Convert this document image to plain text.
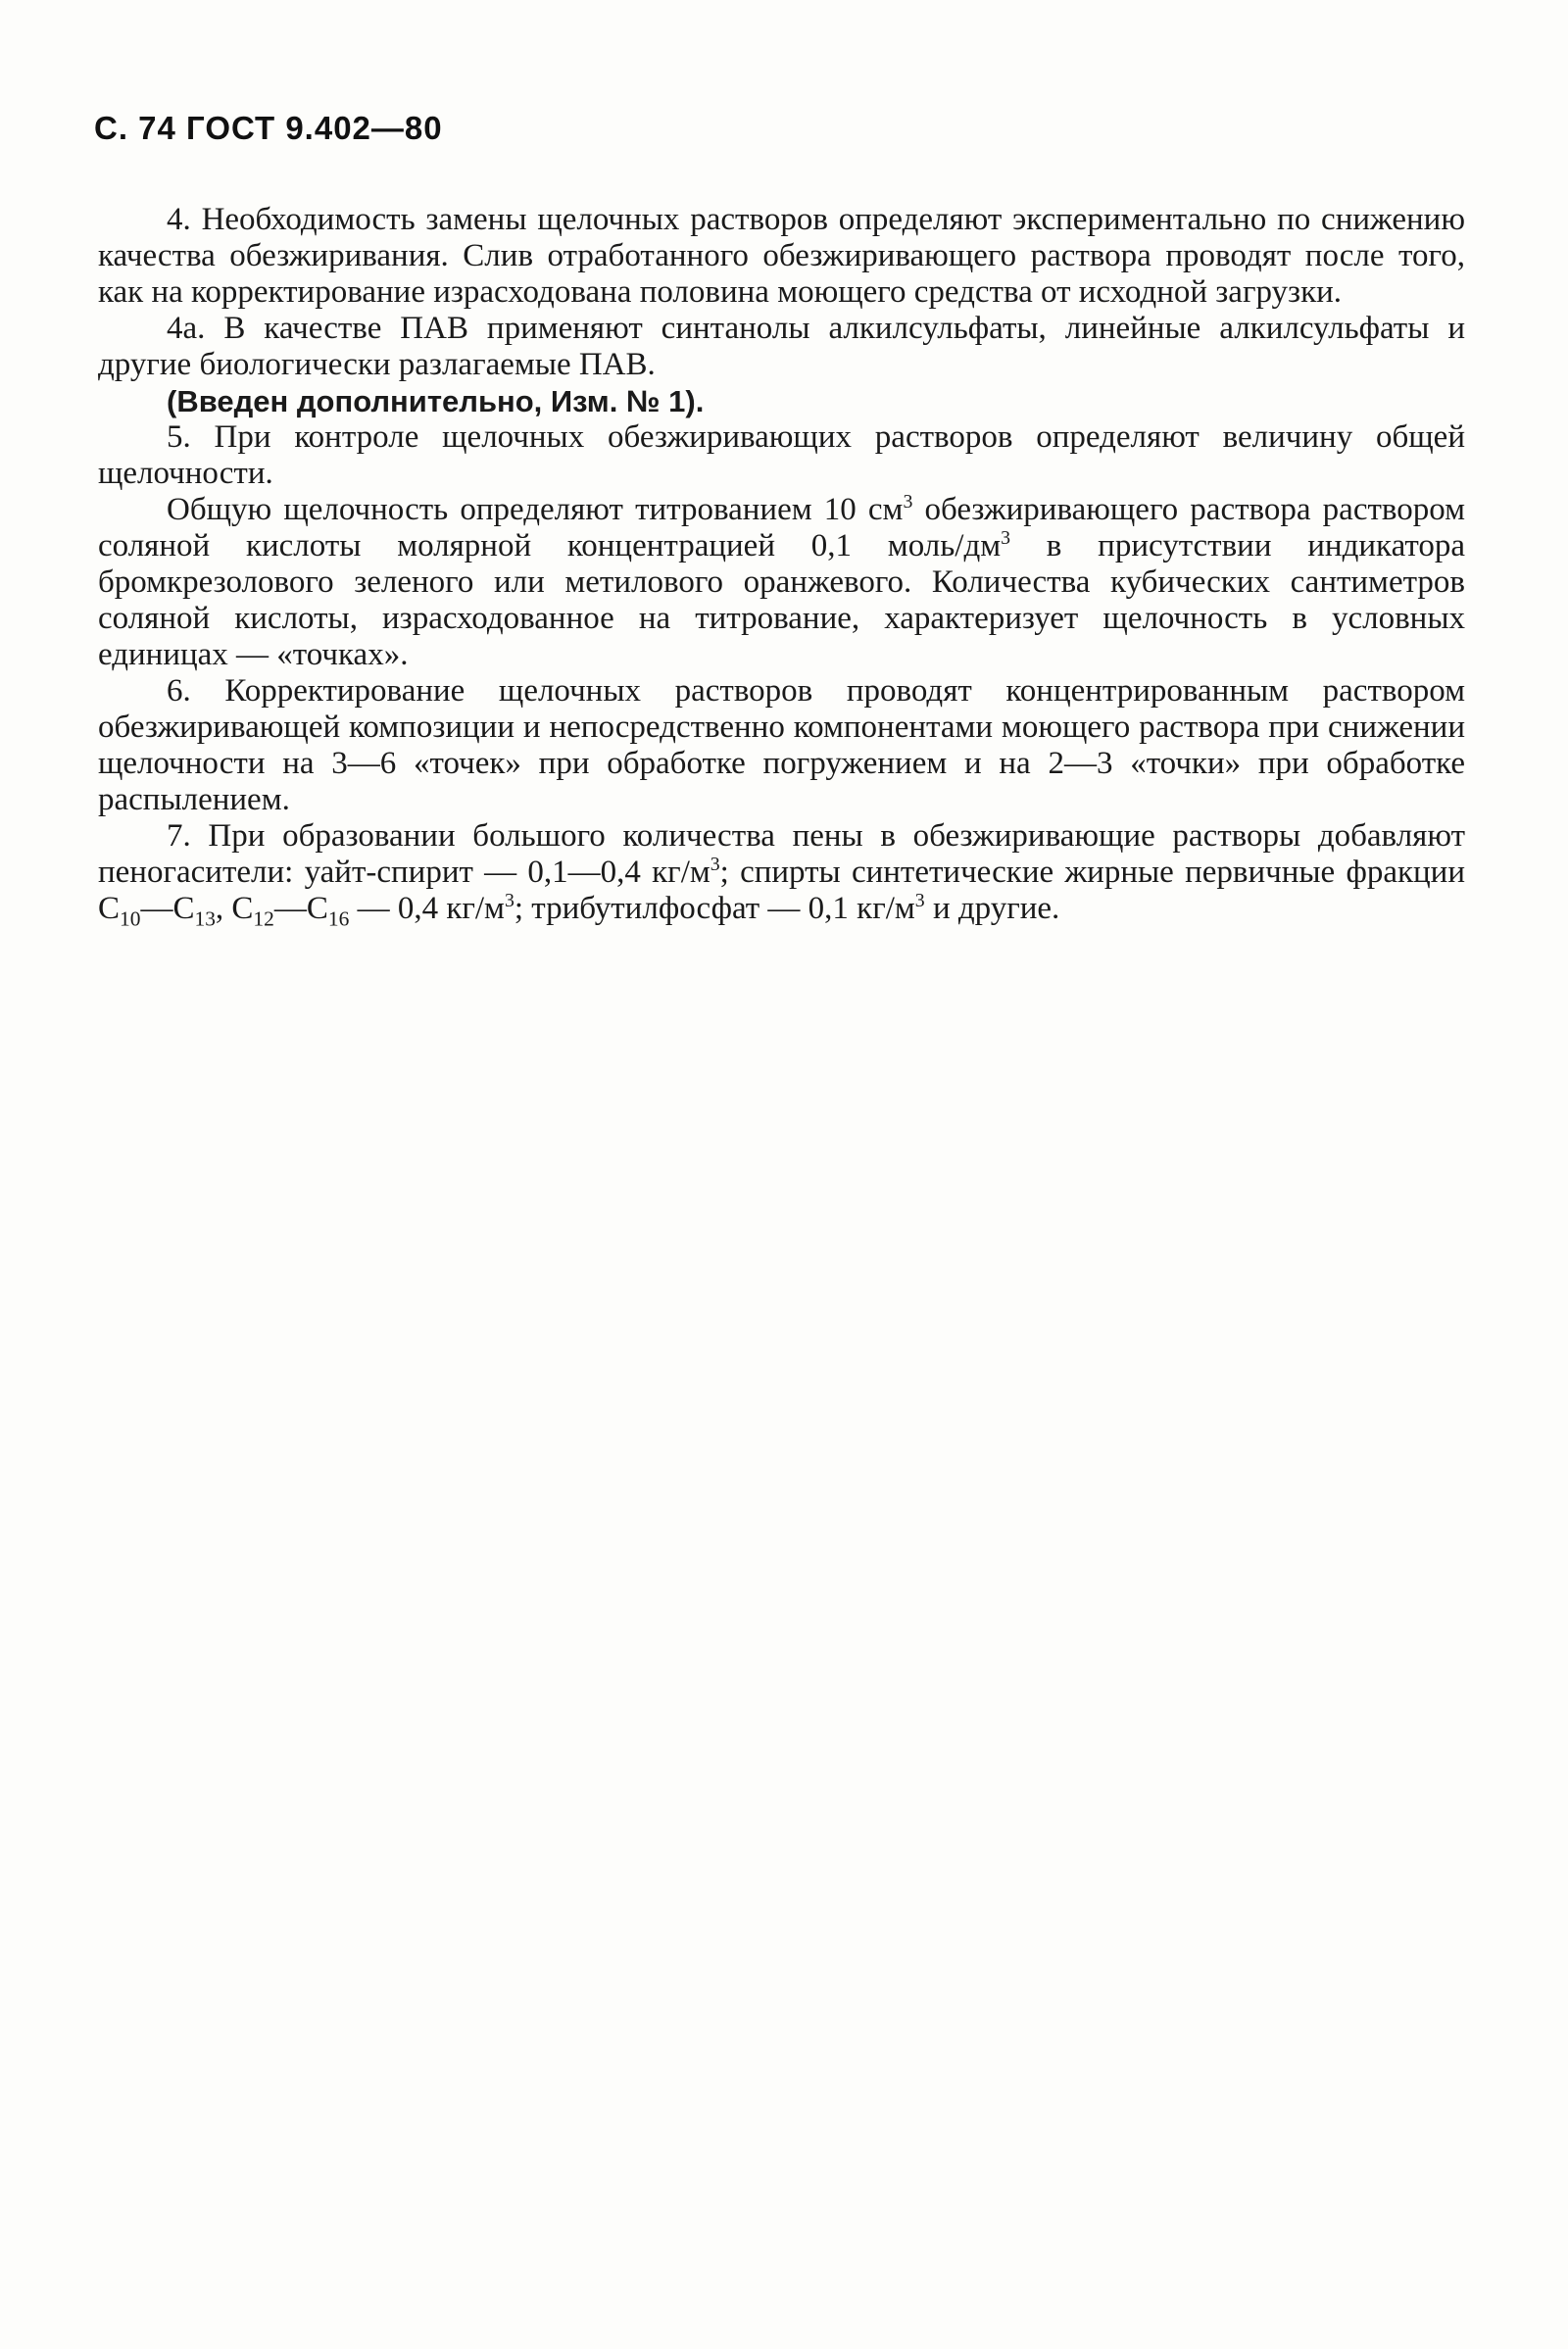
С. 74 ГОСТ 9.402—80

4. Необходимость замены щелочных растворов определяют экспериментально по снижению качества обезжиривания. Слив отработанного обезжиривающего раствора проводят после того, как на корректирование израсходована половина моющего средства от исходной загрузки.

4а. В качестве ПАВ применяют синтанолы алкилсульфаты, линейные алкилсульфаты и другие биологически разлагаемые ПАВ.

(Введен дополнительно, Изм. № 1).

5. При контроле щелочных обезжиривающих растворов определяют величину общей щелочности.

Общую щелочность определяют титрованием 10 $см^3$ обезжиривающего раствора раствором соляной кислоты молярной концентрацией 0,1 моль/$дм^3$ в присутствии индикатора бромкрезолового зеленого или метилового оранжевого. Количества кубических сантиметров соляной кислоты, израсходованное на титрование, характеризует щелочность в условных единицах — «точках».

6. Корректирование щелочных растворов проводят концентрированным раствором обезжиривающей композиции и непосредственно компонентами моющего раствора при снижении щелочности на 3—6 «точек» при обработке погружением и на 2—3 «точки» при обработке распылением.

7. При образовании большого количества пены в обезжиривающие растворы добавляют пеногасители: уайт-спирит — 0,1—0,4 $кг/м^3$; спирты синтетические жирные первичные фракции $C_{10}—C_{13}$, $C_{12}—C_{16}$ — 0,4 $кг/м^3$; трибутилфосфат — 0,1 $кг/м^3$ и другие.
